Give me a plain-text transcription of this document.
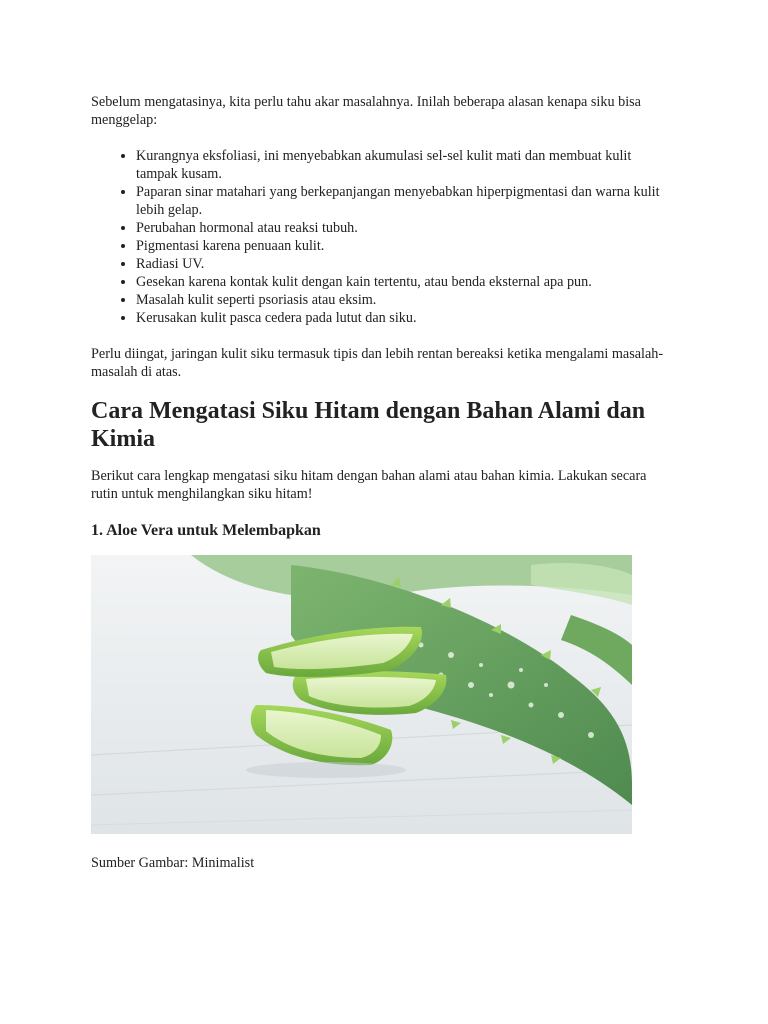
Sebelum mengatasinya, kita perlu tahu akar masalahnya. Inilah beberapa alasan kenapa siku bisa menggelap:

• Kurangnya eksfoliasi, ini menyebabkan akumulasi sel-sel kulit mati dan membuat kulit tampak kusam.
• Paparan sinar matahari yang berkepanjangan menyebabkan hiperpigmentasi dan warna kulit lebih gelap.
• Perubahan hormonal atau reaksi tubuh.
• Pigmentasi karena penuaan kulit.
• Radiasi UV.
• Gesekan karena kontak kulit dengan kain tertentu, atau benda eksternal apa pun.
• Masalah kulit seperti psoriasis atau eksim.
• Kerusakan kulit pasca cedera pada lutut dan siku.

Perlu diingat, jaringan kulit siku termasuk tipis dan lebih rentan bereaksi ketika mengalami masalah-masalah di atas.

Cara Mengatasi Siku Hitam dengan Bahan Alami dan Kimia

Berikut cara lengkap mengatasi siku hitam dengan bahan alami atau bahan kimia. Lakukan secara rutin untuk menghilangkan siku hitam!

1. Aloe Vera untuk Melembapkan

Sumber Gambar: Minimalist
